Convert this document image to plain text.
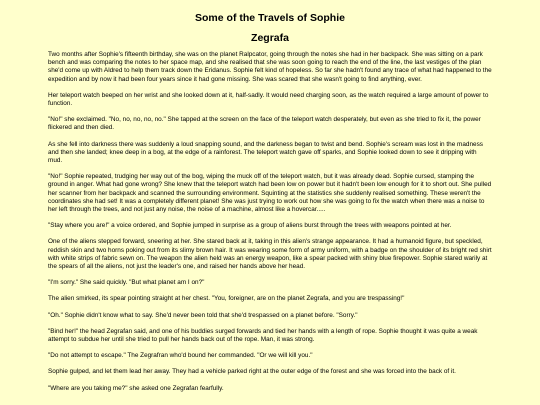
Some of the Travels of Sophie
Zegrafa

Two months after Sophie's fifteenth birthday, she was on the planet Ralpcator, going through the notes she had in her backpack. She was sitting on a park bench and was comparing the notes to her space map, and she realised that she was soon going to reach the end of the line, the last vestiges of the plan she'd come up with Aldred to help them track down the Eridanus. Sophie felt kind of hopeless. So far she hadn't found any trace of what had happened to the expedition and by now it had been four years since it had gone missing. She was scared that she wasn't going to find anything, ever.

Her teleport watch beeped on her wrist and she looked down at it, half-sadly. It would need charging soon, as the watch required a large amount of power to function.

"No!" she exclaimed. "No, no, no, no, no." She tapped at the screen on the face of the teleport watch desperately, but even as she tried to fix it, the power flickered and then died.

As she fell into darkness there was suddenly a loud snapping sound, and the darkness began to twist and bend. Sophie's scream was lost in the madness and then she landed; knee deep in a bog, at the edge of a rainforest. The teleport watch gave off sparks, and Sophie looked down to see it dripping with mud.

"No!" Sophie repeated, trudging her way out of the bog, wiping the muck off of the teleport watch, but it was already dead. Sophie cursed, stamping the ground in anger. What had gone wrong? She knew that the teleport watch had been low on power but it hadn't been low enough for it to short out. She pulled her scanner from her backpack and scanned the surrounding environment. Squinting at the statistics she suddenly realised something. These weren't the coordinates she had set! It was a completely different planet! She was just trying to work out how she was going to fix the watch when there was a noise to her left through the trees, and not just any noise, the noise of a machine, almost like a hovercar.....

"Stay where you are!" a voice ordered, and Sophie jumped in surprise as a group of aliens burst through the trees with weapons pointed at her.

One of the aliens stepped forward, sneering at her. She stared back at it, taking in this alien's strange appearance. It had a humanoid figure, but speckled, reddish skin and two horns poking out from its slimy brown hair. It was wearing some form of army uniform, with a badge on the shoulder of its bright red shirt with white strips of fabric sewn on. The weapon the alien held was an energy weapon, like a spear packed with shiny blue firepower. Sophie stared warily at the spears of all the aliens, not just the leader's one, and raised her hands above her head.

"I'm sorry." She said quickly. "But what planet am I on?"

The alien smirked, its spear pointing straight at her chest. "You, foreigner, are on the planet Zegrafa, and you are trespassing!"

"Oh." Sophie didn't know what to say. She'd never been told that she'd trespassed on a planet before. "Sorry."

"Bind her!" the head Zegrafan said, and one of his buddies surged forwards and tied her hands with a length of rope. Sophie thought it was quite a weak attempt to subdue her until she tried to pull her hands back out of the rope. Man, it was strong.

"Do not attempt to escape." The Zegrafran who'd bound her commanded. "Or we will kill you."

Sophie gulped, and let them lead her away. They had a vehicle parked right at the outer edge of the forest and she was forced into the back of it.

"Where are you taking me?" she asked one Zegrafan fearfully.
